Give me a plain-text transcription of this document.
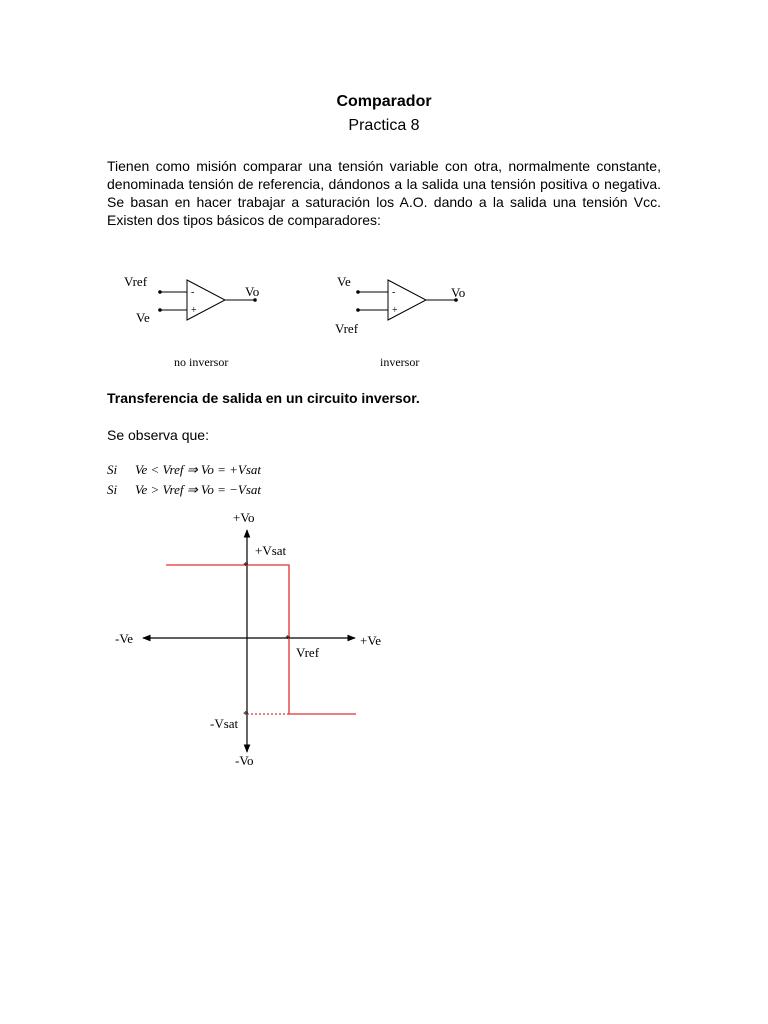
Comparador
Practica 8

Tienen como misión comparar una tensión variable con otra, normalmente constante, denominada tensión de referencia, dándonos a la salida una tensión positiva o negativa. Se basan en hacer trabajar a saturación los A.O. dando a la salida una tensión Vcc. Existen dos tipos básicos de comparadores:

-
+
Vref
Ve
Vo
no inversor
-
+
Ve
Vref
Vo
inversor

Transferencia de salida en un circuito inversor.

Se observa que:

Si Ve < Vref ⇒ Vo = +Vsat

Si Ve > Vref ⇒ Vo = −Vsat

*
*
*
+Vo
-Vo
-Ve	+Ve
+Vsat
-Vsat
Vref
